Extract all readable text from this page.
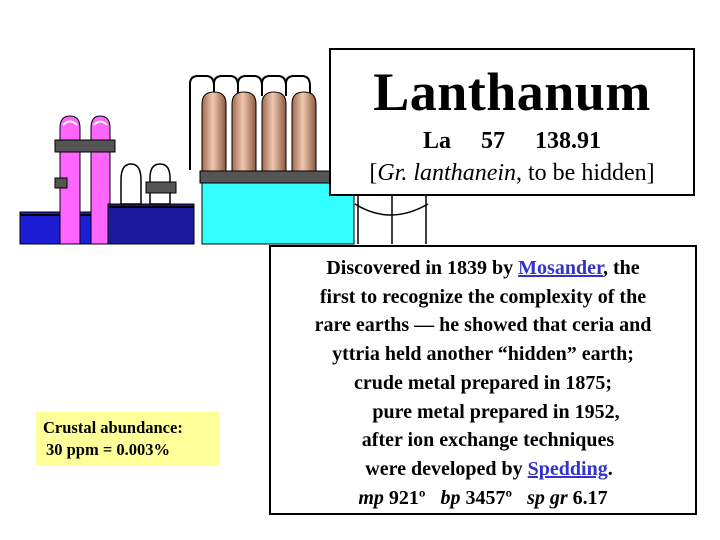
Lanthanum
La 57 138.91
[Gr. lanthanein, to be hidden]
Discovered in 1839 by Mosander, the
first to recognize the complexity of the
rare earths — he showed that ceria and
yttria held another “hidden” earth;
crude metal prepared in 1875;
pure metal prepared in 1952,
after ion exchange techniques
were developed by Spedding.
mp 921º bp 3457º sp gr 6.17
Crustal abundance:
30 ppm = 0.003%
